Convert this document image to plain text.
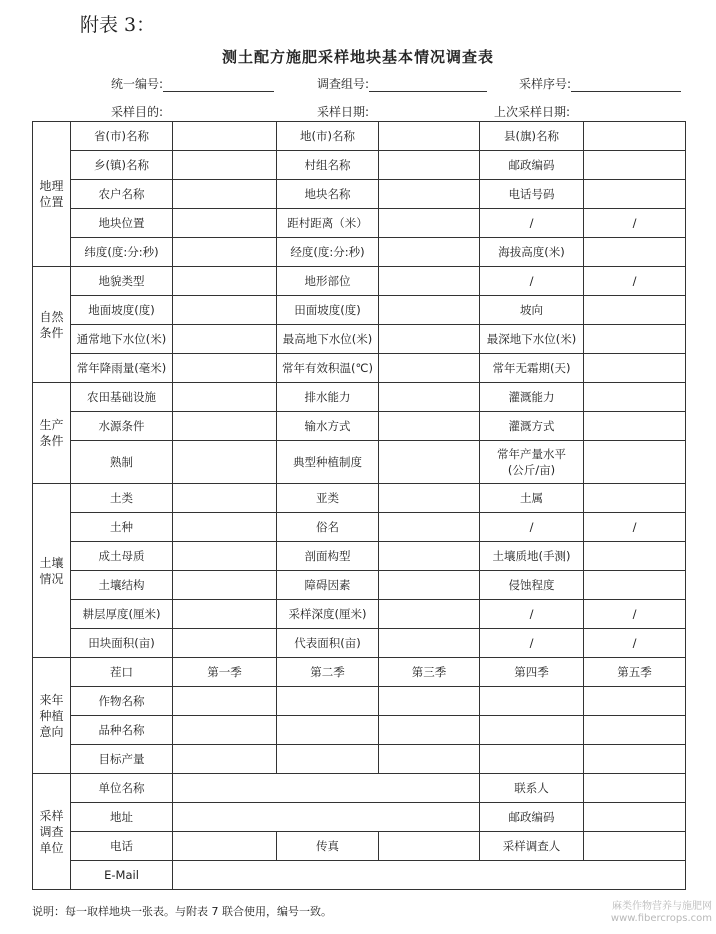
附表 3：
测土配方施肥采样地块基本情况调查表
统一编号:	调查组号:	采样序号:
采样目的:	采样日期:	上次采样日期:
地理
位置	省(市)名称		地(市)名称		县(旗)名称	
	乡(镇)名称		村组名称		邮政编码	
	农户名称		地块名称		电话号码	
	地块位置		距村距离（米）		/	/
	纬度(度:分:秒)		经度(度:分:秒)		海拔高度(米)	

自然
条件	地貌类型		地形部位		/	/
	地面坡度(度)		田面坡度(度)		坡向	
	通常地下水位(米)		最高地下水位(米)		最深地下水位(米)	
	常年降雨量(毫米)		常年有效积温(℃)		常年无霜期(天)	

生产
条件	农田基础设施		排水能力		灌溉能力	
	水源条件		输水方式		灌溉方式	
	熟制		典型种植制度		常年产量水平
(公斤/亩)	

土壤
情况	土类		亚类		土属	
	土种		俗名		/	/
	成土母质		剖面构型		土壤质地(手测)	
	土壤结构		障碍因素		侵蚀程度	
	耕层厚度(厘米)		采样深度(厘米)		/	/
	田块面积(亩)		代表面积(亩)		/	/

来年
种植
意向	茬口	第一季	第二季	第三季	第四季	第五季
	作物名称					
	品种名称					
	目标产量					

采样
调查
单位	单位名称				联系人	
	地址				邮政编码	
	电话		传真		采样调查人	
	E-Mail					
说明：每一取样地块一张表。与附表 7 联合使用，编号一致。	麻类作物营养与施肥网
www.fibercrops.com
